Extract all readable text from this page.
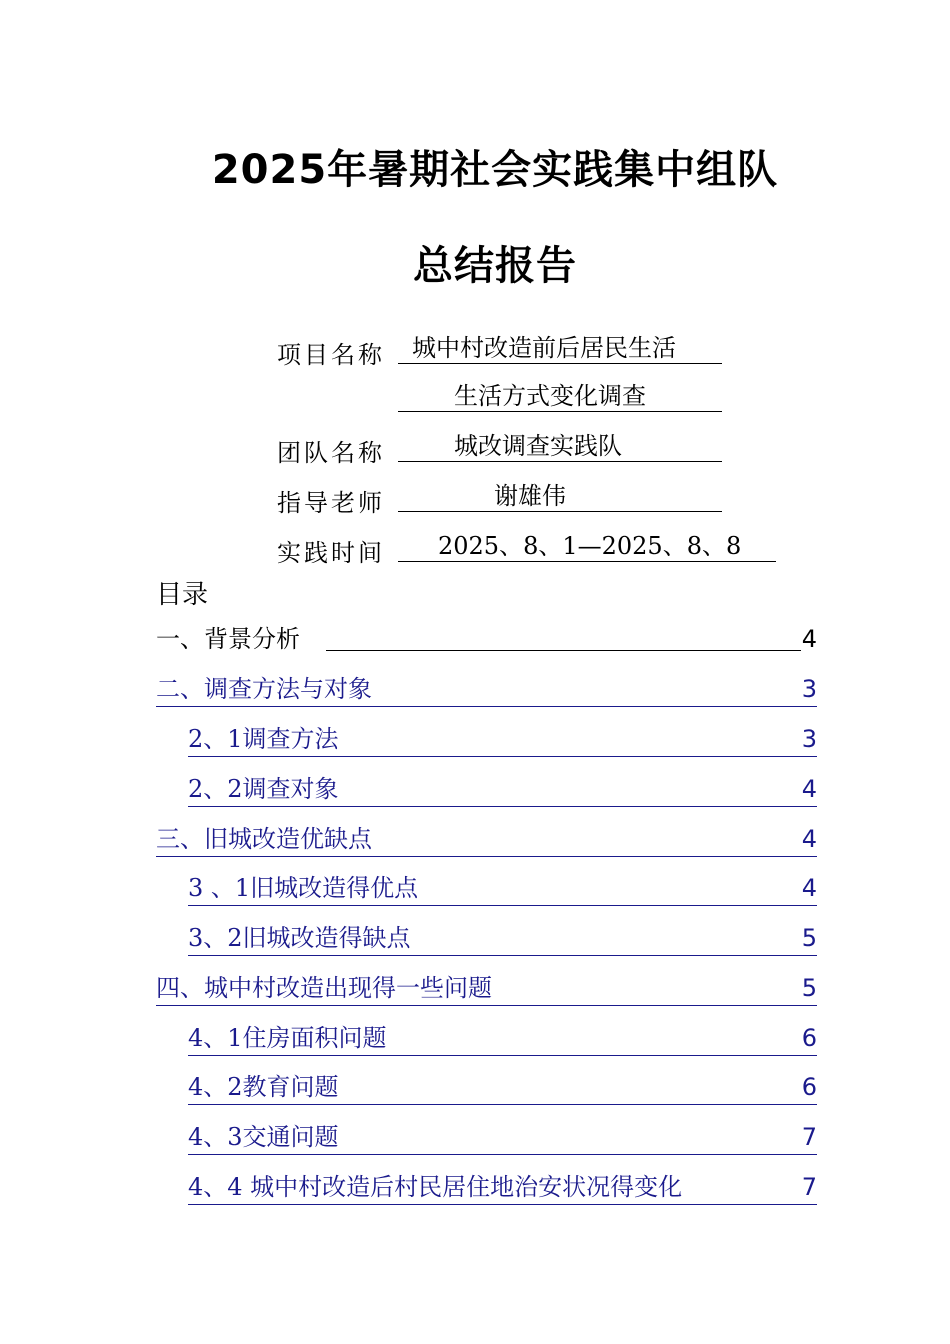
2025年暑期社会实践集中组队
总结报告
项目名称 城中村改造前后居民生活
生活方式变化调查
团队名称	城改调查实践队
指导老师	谢雄伟
实践时间 2025、8、1—2025、8、8
目录
一、背景分析	4
二、调查方法与对象	3
2、1调查方法	3
2、2调查对象	4
三、旧城改造优缺点	4
3 、1旧城改造得优点	4
3、2旧城改造得缺点	5
四、城中村改造出现得一些问题	5
4、1住房面积问题	6
4、2教育问题	6
4、3交通问题	7
4、4 城中村改造后村民居住地治安状况得变化	7
